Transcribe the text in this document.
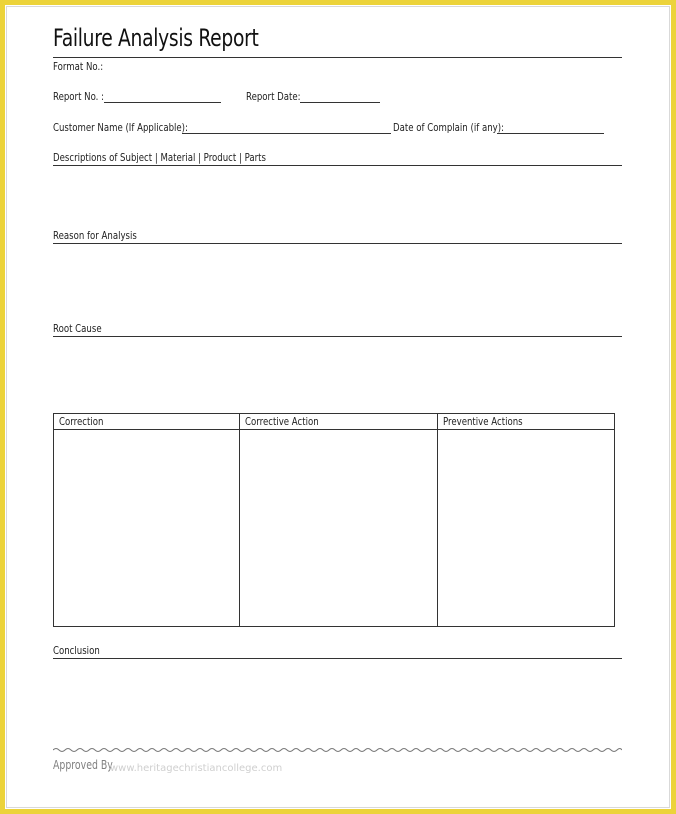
Failure Analysis Report
Format No.:
Report No. :	Report Date:
Customer Name (If Applicable):	Date of Complain (if any):
Descriptions of Subject | Material | Product | Parts
Reason for Analysis
Root Cause
Correction	Corrective Action	Preventive Actions
Conclusion
Approved By
www.heritagechristiancollege.com
